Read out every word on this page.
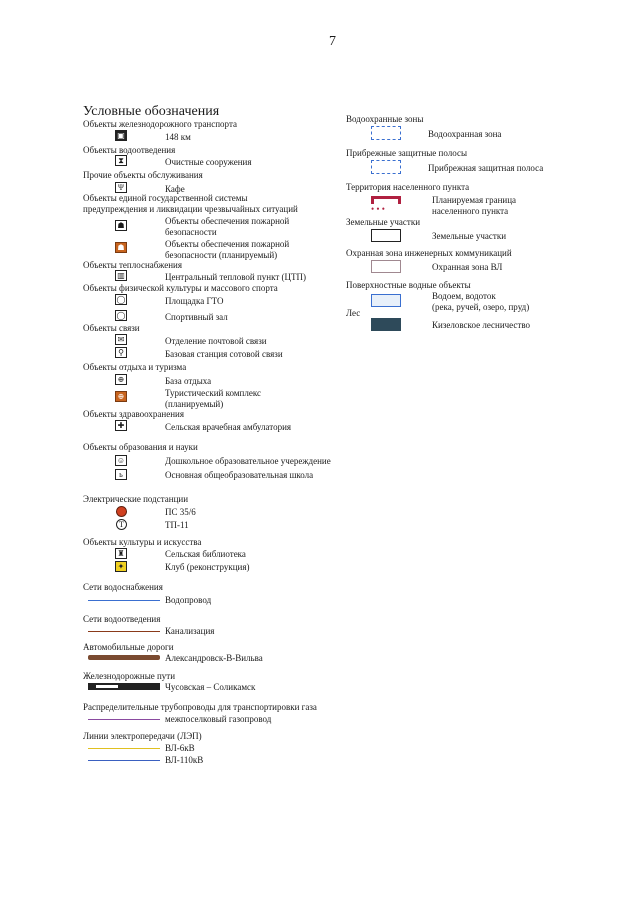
7
Условные обозначения
Объекты железнодорожного транспорта
▣	148 км
Объекты водоотведения
⧗	Очистные сооружения
Прочие объекты обслуживания
Ψ	Кафе
Объекты единой государственной системы
предупреждения и ликвидации чрезвычайных ситуаций
☗	Объекты обеспечения пожарной
безопасности
☗	Объекты обеспечения пожарной
безопасности (планируемый)
Объекты теплоснабжения
▥	Центральный тепловой пункт (ЦТП)
Объекты физической культуры и массового спорта
◯	Площадка ГТО
◯	Спортивный зал
Объекты связи
✉	Отделение почтовой связи
⚲	Базовая станция сотовой связи
Объекты отдыха и туризма
⊕	База отдыха
⊕	Туристический комплекс
(планируемый)
Объекты здравоохранения
✚	Сельская врачебная амбулатория
Объекты образования и науки
☺	Дошкольное образовательное учереждение
ь	Основная общеобразовательная школа
Электрические подстанции
ПС 35/6
Т	ТП-11
Объекты культуры и искусства
♜	Сельская библиотека
✦	Клуб (реконструкция)
Сети водоснабжения
Водопровод
Сети водоотведения
Канализация
Автомобильные дороги
Александровск-В-Вильва
Железнодорожные пути
Чусовская – Соликамск
Распределительные трубопроводы для транспортировки газа
межпоселковый газопровод
Линии электропередачи (ЛЭП)
ВЛ-6кВ
ВЛ-110кВ
Водоохранные зоны
Водоохранная зона
Прибрежные защитные полосы
Прибрежная защитная полоса
Территория населенного пункта
• • •
Планируемая граница
населенного пункта
Земельные участки
Земельные участки
Охранная зона инженерных коммуникаций
Охранная зона ВЛ
Поверхностные водные объекты
Водоем, водоток
(река, ручей, озеро, пруд)
Лес
Кизеловское лесничество
